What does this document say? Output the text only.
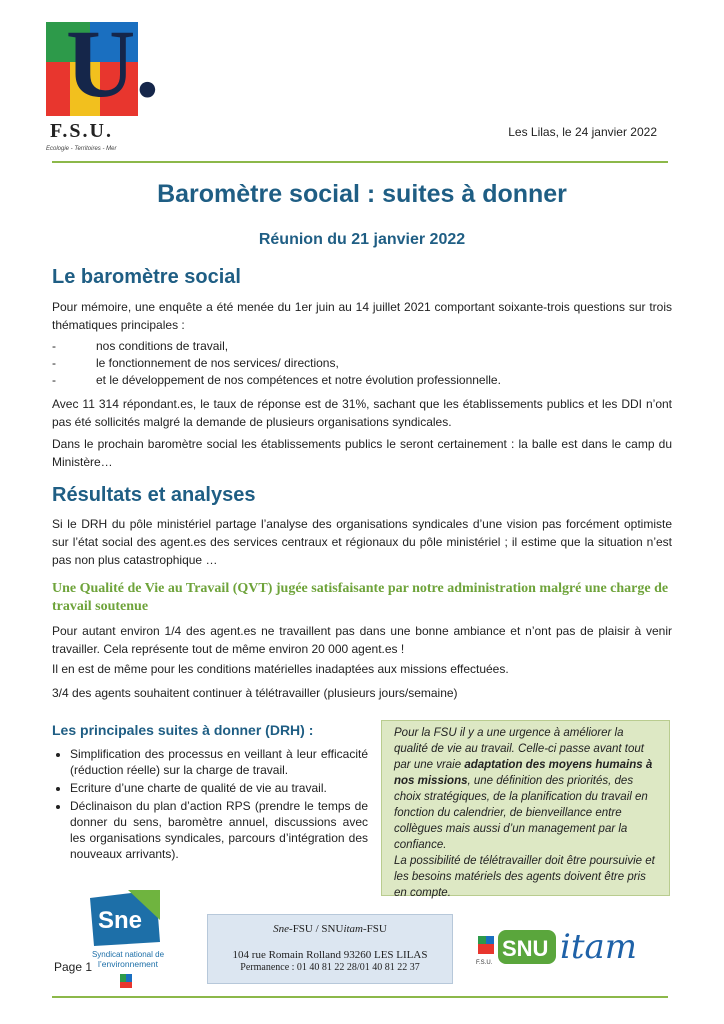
U.
F.S.U.
Ecologie - Territoires - Mer
Les Lilas, le 24 janvier 2022
Baromètre social : suites à donner
Réunion du 21 janvier 2022
Le baromètre social
Pour mémoire, une enquête a été menée du 1er juin au 14 juillet 2021 comportant soixante-trois questions sur trois thématiques principales :
-	nos conditions de travail,
-	le fonctionnement de nos services/ directions,
-	et le développement de nos compétences et notre évolution professionnelle.
Avec 11 314 répondant.es, le taux de réponse est de 31%, sachant que les établissements publics et les DDI n’ont pas été sollicités malgré la demande de plusieurs organisations syndicales.
Dans le prochain baromètre social les établissements publics le seront certainement : la balle est dans le camp du Ministère…
Résultats et analyses
Si le DRH du pôle ministériel partage l’analyse des organisations syndicales d’une vision pas forcément optimiste sur l’état social des agent.es des services centraux et régionaux du pôle ministériel ; il estime que la situation n’est pas non plus catastrophique …
Une Qualité de Vie au Travail (QVT) jugée satisfaisante par notre administration malgré une charge de travail soutenue
Pour autant environ 1/4 des agent.es ne travaillent pas dans une bonne ambiance et n’ont pas de plaisir à venir travailler. Cela représente tout de même environ 20 000 agent.es !
Il en est de même pour les conditions matérielles inadaptées aux missions effectuées.
3/4 des agents souhaitent continuer à télétravailler (plusieurs jours/semaine)
Les principales suites à donner (DRH) :
• Simplification des processus en veillant à leur efficacité (réduction réelle) sur la charge de travail.
• Ecriture d’une charte de qualité de vie au travail.
• Déclinaison du plan d’action RPS (prendre le temps de donner du sens, baromètre annuel, discussions avec les organisations syndicales, parcours d’intégration des nouveaux arrivants).
Pour la FSU il y a une urgence à améliorer la qualité de vie au travail. Celle-ci passe avant tout par une vraie adaptation des moyens humains à nos missions, une définition des priorités, des choix stratégiques, de la planification du travail en fonction du calendrier, de bienveillance entre collègues mais aussi d’un management par la confiance.
La possibilité de télétravailler doit être poursuivie et les besoins matériels des agents doivent être pris en compte.
Sne
Syndicat national de
l’environnement
Page 1
Sne-FSU / SNUitam-FSU
104 rue Romain Rolland 93260 LES LILAS
Permanence : 01 40 81 22 28/01 40 81 22 37	F.S.U.
SNU itam
